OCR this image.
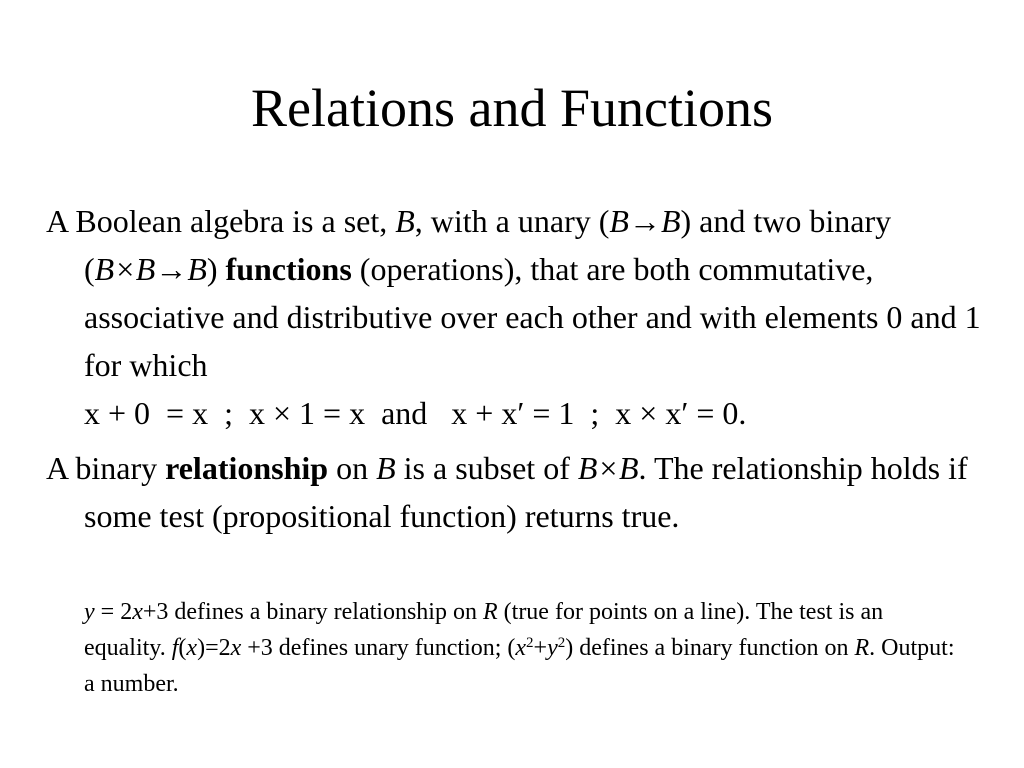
Relations and Functions

A Boolean algebra is a set, B, with a unary (B→B) and two binary (B×B→B) functions (operations), that are both commutative, associative and distributive over each other and with elements 0 and 1 for which
x + 0  = x  ;  x × 1 = x  and   x + x′ = 1  ;  x × x′ = 0.

A binary relationship on B is a subset of B×B. The relationship holds if some test (propositional function) returns true.

y = 2x+3 defines a binary relationship on R (true for points on a line). The test is an equality. f(x)=2x +3 defines unary function; $(x^2+y^2)$ defines a binary function on R. Output: a number.
